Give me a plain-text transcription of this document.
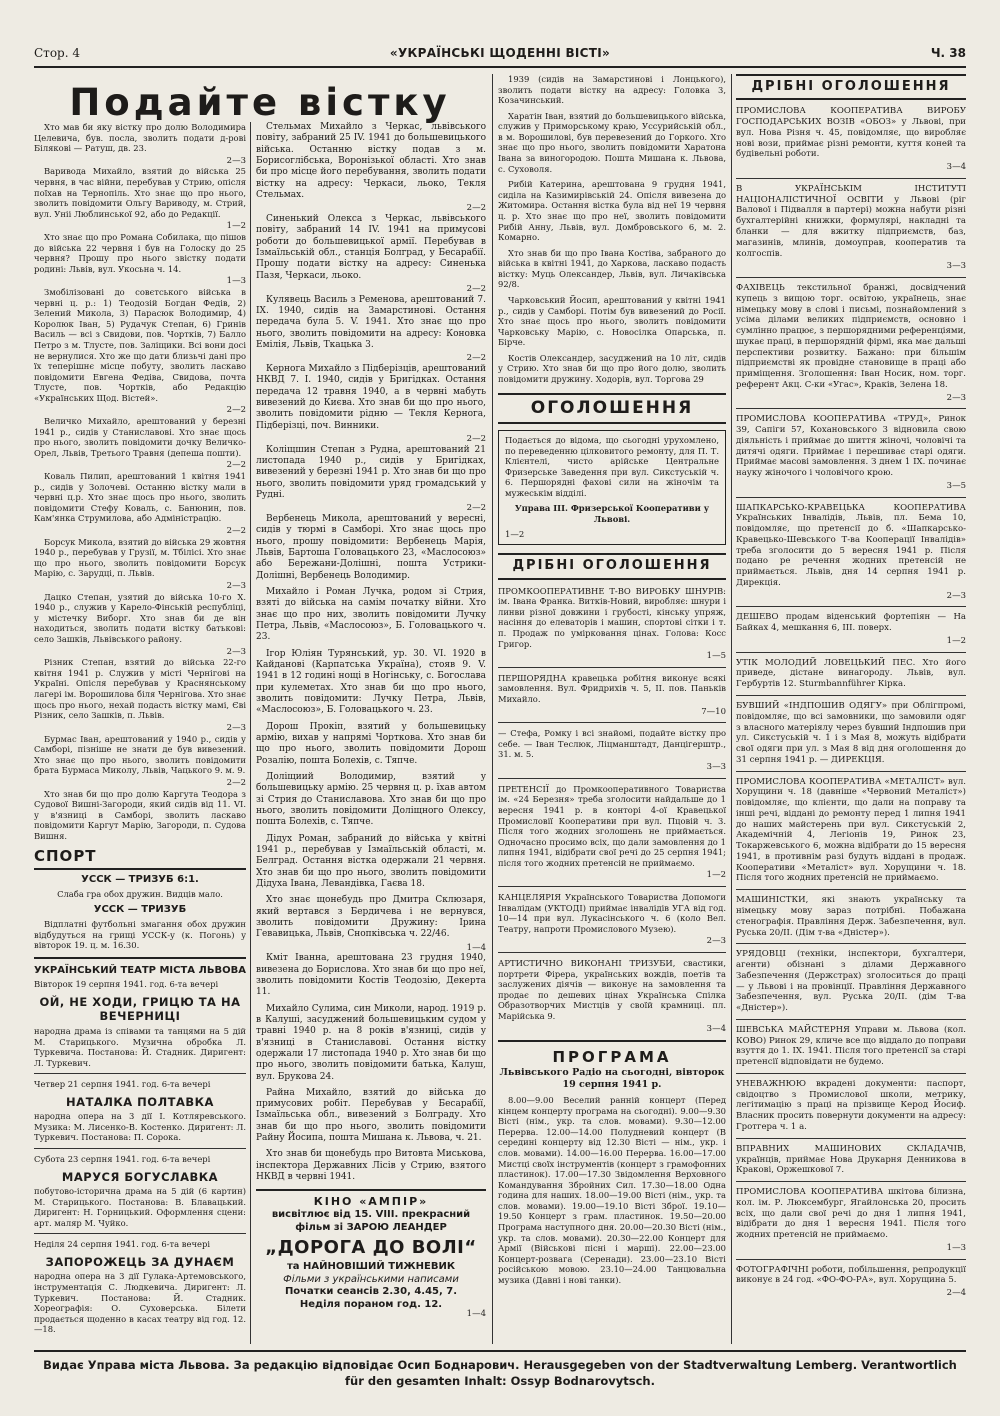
Стор. 4	«УКРАЇНСЬКІ ЩОДЕННІ ВІСТІ»	Ч. 38
Подайте вістку

Хто мав би яку вістку про долю Володимира Целевича, був. посла, зволить подати д-рові Білякові — Ратуш, дв. 23.

2—3

Варивода Михайло, взятий до війська 25 червня, в час війни, перебував у Стрию, опісля поїхав на Тернопіль. Хто знає що про нього, зволить повідомити Ольгу Вариводу, м. Стрий, вул. Уніі Люблинської 92, або до Редакції.

1—2

Хто знає що про Романа Собилака, що пішов до війська 22 червня і був на Голоску до 25 червня? Прошу про нього звістку подати родині: Львів, вул. Укосьна ч. 14.

1—3

Змобілізовані до совєтського війська в червні ц. р.: 1) Теодозій Богдан Федів, 2) Зелений Микола, 3) Парасюк Володимир, 4) Королюк Іван, 5) Рудачук Степан, 6) Гринів Василь — всі з Свидови, пов. Чортків, 7) Балло Петро з м. Тлусте, пов. Заліщики. Всі вони досі не вернулися. Хто же що дати близьчі дані про їх теперішнє місце побуту, зволить ласкаво повідомити Евгена Федіва, Свидова, почта Тлусте, пов. Чортків, або Редакцію «Українських Щод. Вістей».

2—2

Величко Михайло, арештований у березні 1941 р., сидів у Станиславові. Хто знає щось про нього, зволить повідомити дочку Величко-Орел, Львів, Третього Травня (депеша пошти).

2—2

Коваль Пилип, арештований 1 квітня 1941 р., сидів у Золочеві. Останню вістку мали в червні ц.р. Хто знає щось про нього, зволить повідомити Стефу Коваль, с. Банюнин, пов. Кам'янка Струмилова, або Адміністрацію.

2—2

Борсук Микола, взятий до війська 29 жовтня 1940 р., перебував у Грузії, м. Тбілісі. Хто знає що про нього, зволить повідомити Борсук Марію, с. Зарудці, п. Львів.

2—3

Дацко Степан, узятий до війська 10-го Х. 1940 р., служив у Карело-Фінській республіці, у містечку Виборг. Хто знав би де він находиться, зволить подати вістку батькові: село Зашків, Львівського району.

2—3

Різник Степан, взятий до війська 22-го квітня 1941 р. Служив у місті Чернігові на Україні. Опісля перебував у Краснянському лагері ім. Ворошилова біля Чернігова. Хто знає щось про нього, нехай подасть вістку мамі, Єві Різник, село Зашків, п. Львів.

2—3

Бурмас Іван, арештований у 1940 р., сидів у Самборі, пізніше не знати де був вивезений. Хто знає що про нього, зволить повідомити брата Бурмаса Миколу, Львів, Чацького 9. м. 9.

2—2

Хто знав би що про долю Каргута Теодора з Судової Вишні-Загороди, який сидів від 11. VI. у в'язниці в Самборі, зволить ласкаво повідомити Каргут Марію, Загороди, п. Судова Вишня.

СПОРТ
УССК — ТРИЗУБ 6:1.

Слаба гра обох дружин. Видців мало.

УССК — ТРИЗУБ

Відплатні футбольні змагання обох дружин відбудуться на грищі УССК-у (к. Погонь) у вівторок 19. ц. м. 16.30.

УКРАЇНСЬКИЙ ТЕАТР МІСТА ЛЬВОВА

Вівторок 19 серпня 1941. год. 6-та вечері

ОЙ, НЕ ХОДИ, ГРИЦЮ ТА НА ВЕЧЕРНИЦІ

народна драма із співами та танцями на 5 дій М. Старицького. Музична обробка Л. Туркевича. Постанова: Й. Стадник. Диригент: Л. Туркевич.

Четвер 21 серпня 1941. год. 6-та вечері

НАТАЛКА ПОЛТАВКА

народна опера на 3 дії І. Котляревського. Музика: М. Лисенко-В. Костенко. Диригент: Л. Туркевич. Постанова: П. Сорока.

Субота 23 серпня 1941. год. 6-та вечері

МАРУСЯ БОГУСЛАВКА

побутово-історична драма на 5 дій (6 картин) М. Старицького. Постанова: В. Блавацький. Диригент: Н. Горницький. Оформлення сцени: арт. маляр М. Чуйко.

Неділя 24 серпня 1941. год. 6-та вечері

ЗАПОРОЖЕЦЬ ЗА ДУНАЄМ

народна опера на 3 дії Гулака-Артемовського, інструментація С. Людкевича. Диригент: Л. Туркевич. Постанова: Й. Стадник. Хореографія: О. Суховерська. Білети продається щоденно в касах театру від год. 12.—18.

Стельмах Михайло з Черкас, львівського повіту, забраний 25 IV. 1941 до большевицького війська. Останню вістку подав з м. Борисоглібська, Воронізької області. Хто знав би про місце його перебування, зволить подати вістку на адресу: Черкаси, льоко, Текля Стельмах.

2—2

Синенький Олекса з Черкас, львівського повіту, забраний 14 IV. 1941 на примусові роботи до большевицької армії. Перебував в Ізмаїльській обл., станція Болград, у Бесарабії. Прошу подати вістку на адресу: Синенька Пазя, Черкаси, льоко.

2—2

Кулявець Василь з Ременова, арештований 7. IX. 1940, сидів на Замарстинові. Остання передача була 5. V. 1941. Хто знає що про нього, зволить повідомити на адресу: Коновка Емілія, Львів, Ткацька 3.

2—2

Кернога Михайло з Підберізців, арештований НКВД 7. I. 1940, сидів у Бригідках. Остання передача 12 травня 1940, а в червні мабуть вивезений до Києва. Хто знав би що про нього, зволить повідомити рідню — Текля Кернога, Підберізці, поч. Винники.

2—2

Коліщшин Степан з Рудна, арештований 21 листопада 1940 р., сидів у Бригідках, вивезений у березні 1941 р. Хто знав би що про нього, зволить повідомити уряд громадський у Рудні.

2—2

Вербенець Микола, арештований у вересні, сидів у тюрмі в Самборі. Хто знає щось про нього, прошу повідомити: Вербенець Марія, Львів, Бартоша Головацького 23, «Маслосоюз» або Бережани-Долішні, пошта Устрики-Долішні, Вербенець Володимир.

Михайло і Роман Лучка, родом зі Стрия, взяті до війська на самім початку війни. Хто знає що про них, зволить повідомити Лучку Петра, Львів, «Маслосоюз», Б. Головацького ч. 23.

Ігор Юліян Турянський, ур. 30. VI. 1920 в Кайданові (Карпатська Україна), стояв 9. V. 1941 в 12 годині нощі в Ногінську, с. Богослава при кулеметах. Хто знав би що про нього, зволить повідомити: Лучку Петра, Львів, «Маслосоюз», Б. Головацького ч. 23.

Дорош Прокіп, взятий у большевицьку армію, вихав у напрямі Чорткова. Хто знав би що про нього, зволить повідомити Дорош Розалію, пошта Болехів, с. Тяпче.

Доліщиий Володимир, взятий у большевицьку армію. 25 червня ц. р. їхав автом зі Стрия до Станиславова. Хто знав би що про нього, зволить повідомити Доліщного Олексу, пошта Болехів, с. Тяпче.

Дідух Роман, забраний до війська у квітні 1941 р., перебував у Ізмаїльській області, м. Белград. Остання вістка одержали 21 червня. Хто знав би що про нього, зволить повідомити Дідуха Івана, Левандівка, Гаєва 18.

Хто знає щонебудь про Дмитра Склюзаря, який вертався з Бердичева і не вернувся, зволить повідомити Дружину: Ірина Гевавицька, Львів, Снопківська ч. 22/46.

1—4

Кміт Іванна, арештована 23 грудня 1940, вивезена до Борислова. Хто знав би що про неї, зволить повідомити Костів Теодозію, Декерта 11.

Михайло Сулима, син Миколи, народ. 1919 р. в Калуші, засуджений большевицьким судом у травні 1940 р. на 8 років в'язниці, сидів у в'язниці в Станиславові. Остання вістку одержали 17 листопада 1940 р. Хто знав би що про нього, зволить повідомити батька, Калуш, вул. Брукова 24.

Райна Михайло, взятий до війська до примусових робіт. Перебував у Бесарабії, Ізмаїльська обл., вивезений з Болграду. Хто знав би що про нього, зволить повідомити Райну Йосипа, пошта Мишана к. Львова, ч. 21.

Хто знав би щонебудь про Витовта Миськова, інспектора Державних Лісів у Стрию, взятого НКВД в червні 1941.

КІНО «АМПІР»
висвітлює від 15. VIII. прекрасний фільм зі ЗАРОЮ ЛЕАНДЕР
„ДОРОГА ДО ВОЛІ“
та НАЙНОВІШИЙ ТИЖНЕВИК
Фільми з українськими написами
Початки сеансів 2.30, 4.45, 7.
Неділя пораном год. 12.
1—4

1939 (сидів на Замарстинові і Лонцького), зволить подати вістку на адресу: Головка 3, Козачинський.

Харатін Іван, взятий до большевицького війська, служив у Приморському краю, Уссурийській обл., в м. Ворошилові, був перевезений до Горкого. Хто знає що про нього, зволить повідомити Харатона Івана за виногородою. Пошта Мишана к. Львова, с. Суховоля.

Рибій Катерина, арештована 9 грудня 1941, сиділа на Казимирівській 24. Опісля вивезена до Житомира. Остання вістка була від неї 19 червня ц. р. Хто знає що про неї, зволить повідомити Рибій Анну, Львів, вул. Домбровського 6, м. 2. Комарно.

Хто знав би що про Івана Костіва, забраного до війська в квітні 1941, до Харкова, ласкаво подасть вістку: Муць Олександер, Львів, вул. Личаківська 92/8.

Чарковський Йосип, арештований у квітні 1941 р., сидів у Самборі. Потім був вивезений до Росії. Хто знає щось про нього, зволить повідомити Чарковську Марію, с. Новосілка Опарська, п. Бірче.

Костів Олександер, засуджений на 10 літ, сидів у Стрию. Хто знав би що про його долю, зволить повідомити дружину. Ходорів, вул. Торгова 29

ОГОЛОШЕННЯ

Подається до відома, що сьогодні урухомлено, по переведенню цілковитого ремонту, для П. Т. Клієнтелі, чисто арійське Центральне Фризерське Заведення при вул. Сикстуській ч. 6. Першорядні фахові сили на жіночім та мужеськім відділі.

Управа III. Фризерської Кооперативи у Львові.

1—2
ДРІБНІ ОГОЛОШЕННЯ

ПРОМКООПЕРАТИВНЕ Т-ВО ВИРОБКУ ШНУРІВ: ім. Івана Франка. Витків-Новий, виробляє: шнури і линви різної довжини і грубості, кінську упряж, насіння до елеваторів і машин, спортові сітки і т. п. Продаж по умірковання цінах. Голова: Косс Григор.

1—5

ПЕРШОРЯДНА кравецька робітня виконує всякі замовлення. Вул. Фридрихів ч. 5, II. пов. Паньків Михайло.

7—10

— Стефа, Ромку і всі знайомі, подайте вістку про себе. — Іван Теслюк, Ліцманштадт, Данцігерштр., 31. м. 5.

3—3

ПРЕТЕНСІЇ до Промкооперативного Товариства ім. «24 Березня» треба зголосити найдальше до 1 вересня 1941 р. в конторі 4-ої Кравецької Промисловії Кооперативи при вул. Пцовій ч. 3. Після того жодних зголошень не приймається. Одночасно просимо всіх, що дали замовлення до 1 липня 1941, відібрати свої речі до 25 серпня 1941; після того жодних претенсій не приймаємо.

1—2

КАНЦЕЛЯРІЯ Українського Товариства Допомоги Інвалідам (УКТОДІ) приймає інвалідів УГА від год. 10—14 при вул. Лукасінського ч. 6 (коло Вел. Театру, напроти Промислового Музею).

2—3

АРТИСТИЧНО ВИКОНАНІ ТРИЗУБИ, свастики, портрети Фірера, українських вождів, поетів та заслужених діячів — виконує на замовлення та продає по дешевих цінах Українська Спілка Образотворчих Мистців у своїй крамниці. пл. Марійська 9.

3—4
ПРОГРАМА
Львівського Радіо на сьогодні, вівторок 19 серпня 1941 р.

8.00—9.00 Веселий ранній концерт (Перед кінцем концерту програма на сьогодні). 9.00—9.30 Вісті (нім., укр. та слов. мовами). 9.30—12.00 Перерва. 12.00—14.00 Полудневий концерт (В середині концерту від 12.30 Вісті — нім., укр. і слов. мовами). 14.00—16.00 Перерва. 16.00—17.00 Мистці своїх інструментів (концерт з грамофонних пластинок). 17.00—17.30 Звідомлення Верховного Командування Збройних Сил. 17.30—18.00 Одна година для наших. 18.00—19.00 Вісті (нім., укр. та слов. мовами). 19.00—19.10 Вісті Зброї. 19.10—19.50 Концерт з грам. пластинок. 19.50—20.00 Програма наступного дня. 20.00—20.30 Вісті (нім., укр. та слов. мовами). 20.30—22.00 Концерт для Армії (Військові пісні і марші). 22.00—23.00 Концерт-розвага (Серенади). 23.00—23.10 Вісті російською мовою. 23.10—24.00 Танцювальна музика (Давні і нові танки).

ДРІБНІ ОГОЛОШЕННЯ

ПРОМИСЛОВА КООПЕРАТИВА ВИРОБУ ГОСПОДАРСЬКИХ ВОЗІВ «ОБОЗ» у Львові, при вул. Нова Різня ч. 45, повідомляє, що виробляє нові вози, приймає різні ремонти, куття коней та будівельні роботи.

3—4

В УКРАЇНСЬКІМ ІНСТИТУТІ НАЦІОНАЛІСТИЧНОЇ ОСВІТИ у Львові (ріг Валової і Підвалля в партері) можна набути різні бухгалтерійні книжки, формулярі, накладні та бланки — для вжитку підприємств, баз, магазинів, млинів, домоуправ, кооператив та колгоспів.

3—3

ФАХІВЕЦЬ текстильної бранжі, досвідчений купець з вищою торг. освітою, українець, знає німецьку мову в слові і письмі, познайомлений з усіма ділами великих підприємств, основно і сумлінно працює, з першорядними референціями, шукає праці, в першорядній фірмі, яка має дальші перспективи розвитку. Бажано: при більшім підприємстві як провідне становище в праці або приміщення. Зголошення: Іван Носик, ном. торг. референт Акц. С-ки «Угас», Краків, Зелена 18.

2—3

ПРОМИСЛОВА КООПЕРАТИВА «ТРУД», Ринок 39, Сапіги 57, Кохановського 3 відновила свою діяльність і приймає до шиття жіночі, чоловічі та дитячі одяги. Приймає і перешиває старі одяги. Приймає масові замовлення. З днем 1 IX. починає науку жіночого і чоловічого крою.

3—5

ШАПКАРСЬКО-КРАВЕЦЬКА КООПЕРАТИВА Українських Інвалідів, Львів, пл. Бема 10, повідомляє, що претенсії до б. «Шапкарсько-Кравецько-Шевського Т-ва Кооперації Інвалідів» треба зголосити до 5 вересня 1941 р. Після подано ре речення жодних претенсій не приймається. Львів, дня 14 серпня 1941 р. Дирекція.

2—3

ДЕШЕВО продам віденський фортепіян — На Байках 4, мешкання 6, III. поверх.

1—2

УТІК МОЛОДИЙ ЛОВЕЦЬКИЙ ПЕС. Хто його приведе, дістане винагороду. Львів, вул. Гербуртів 12. Sturmbannführer Кірка.

БУВШИЙ «ІНДПОШИВ ОДЯГУ» при Облігпромі, повідомляє, що всі замовники, що замовили одяг з власного матеріялу через бувший Індпошив при ул. Сикстуській ч. 1 і з Мая 8, можуть відібрати свої одяги при ул. з Мая 8 від дня оголошення до 31 серпня 1941 р. — ДИРЕКЦІЯ.

ПРОМИСЛОВА КООПЕРАТИВА «МЕТАЛІСТ» вул. Хорущини ч. 18 (давніше «Червоний Металіст») повідомляє, що клієнти, що дали на поправу та інші речі, віддані до ремонту перед 1 липня 1941 до наших майстерень при вул. Сикстуській 2, Академічній 4, Легіонів 19, Ринок 23, Токаржевського 6, можна відібрати до 15 вересня 1941, в противнім разі будуть віддані в продаж. Кооперативи «Металіст» вул. Хорущини ч. 18. Після того жодних претенсій не приймаємо.

МАШИНІСТКИ, які знають українську та німецьку мову зараз потрібні. Побажана стенографія. Правління Держ. Забезпечення, вул. Руська 20/II. (Дім т-ва «Дністер»).

УРЯДОВЦІ (техніки, інспектори, бухгалтери, агенти) обізнані з ділами Державного Забезпечення (Держстрах) зголоситься до праці — у Львові і на провінції. Правління Державного Забезпечення, вул. Руська 20/II. (дім Т-ва «Дністер»).

ШЕВСЬКА МАЙСТЕРНЯ Управи м. Львова (кол. КОВО) Ринок 29, кличе все що віддало до поправи взуття до 1. IX. 1941. Після того претенсії за старі претенсії відповідати не будемо.

УНЕВАЖНЮЮ вкрадені документи: паспорт, свідоцтво з Промислової школи, метрику, легітимацію з праці на прізвище Керод Йосиф. Власник просить повернути документи на адресу: Гротгера ч. 1 а.

ВПРАВНИХ МАШИНОВИХ СКЛАДАЧІВ, українців, приймає Нова Друкарня Денникова в Кракові, Оржешкової 7.

ПРОМИСЛОВА КООПЕРАТИВА шкітова білизна, кол. ім. Р. Люксембург, Ягайлонська 20, просить всіх, що дали свої речі до дня 1 липня 1941, відібрати до дня 1 вересня 1941. Після того жодних претенсій не приймаємо.

1—3

ФОТОГРАФІЧНІ роботи, побільшення, репродукції виконує в 24 год. «ФО-ФО-РА», вул. Хорущина 5.

2—4
Видає Управа міста Львова. За редакцію відповідає Осип Боднарович. Herausgegeben von der Stadtverwaltung Lemberg. Verantwortlich
für den gesamten Inhalt: Ossyp Bodnarovytsch.
